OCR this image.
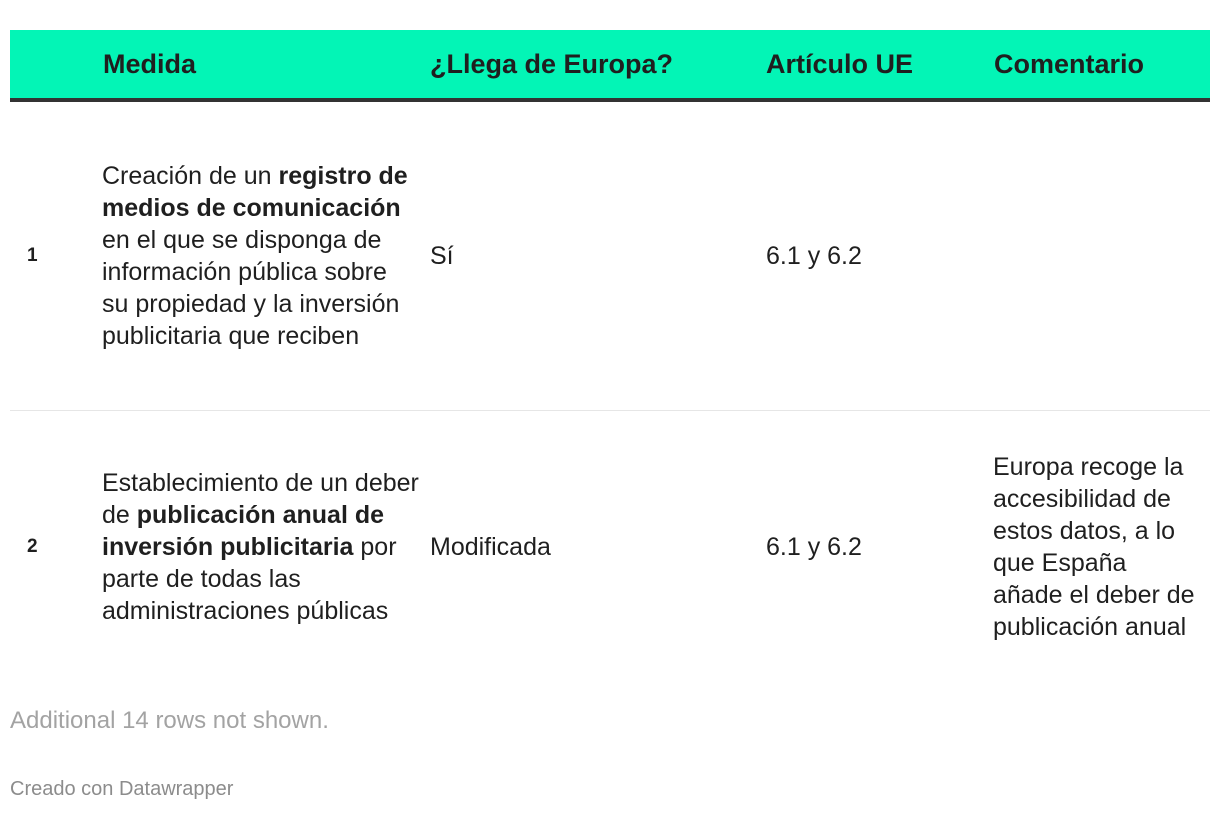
	Medida	¿Llega de Europa?	Artículo UE	Comentario
1	Creación de un registro de medios de comunicación en el que se disponga de información pública sobre su propiedad y la inversión publicitaria que reciben	Sí	6.1 y 6.2	
2	Establecimiento de un deber de publicación anual de inversión publicitaria por parte de todas las administraciones públicas	Modificada	6.1 y 6.2	Europa recoge la accesibilidad de estos datos, a lo que España añade el deber de publicación anual
Additional 14 rows not shown.
Creado con Datawrapper
